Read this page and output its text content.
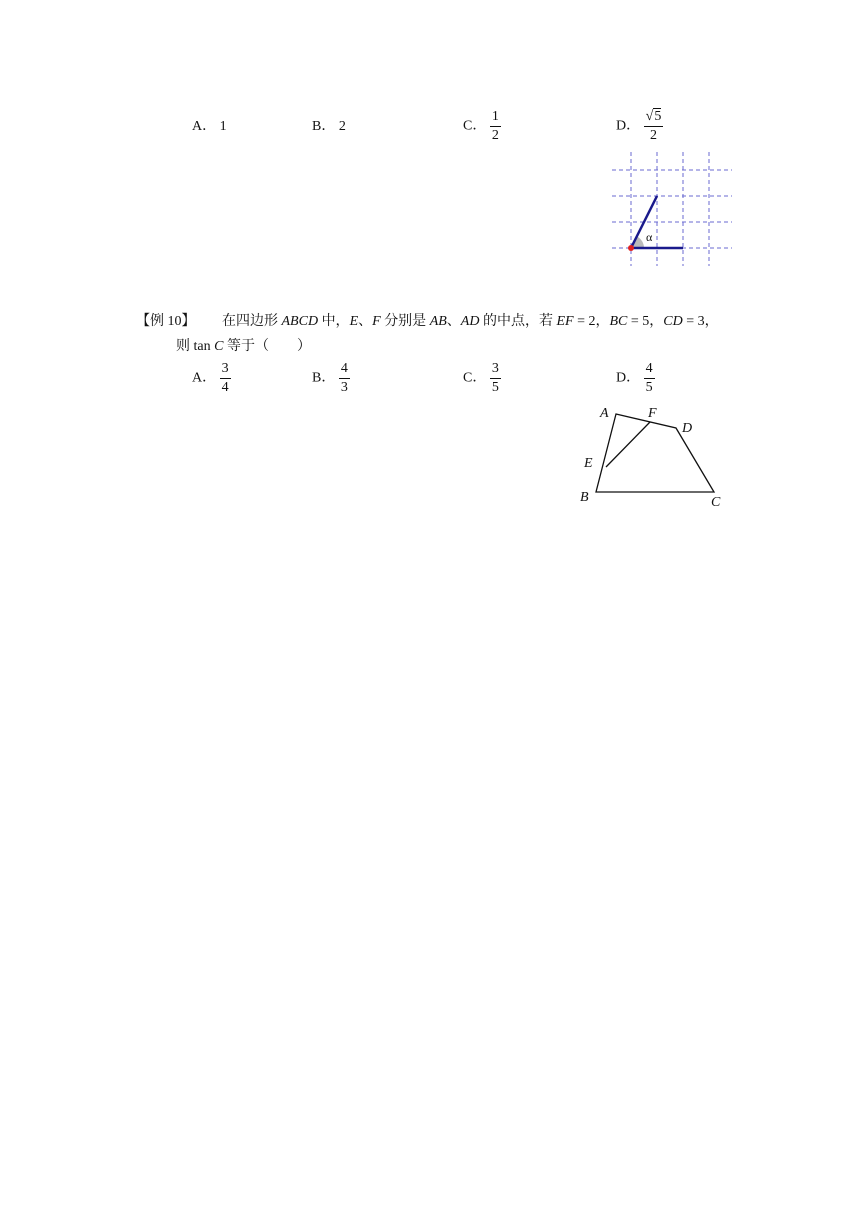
A． 1	B． 2	C． $\frac{1}{2}$	D． $\frac{√5}{2}$
α
【例 10】 在四边形 ABCD 中，E、F 分别是 AB、AD 的中点，若 EF = 2，BC = 5，CD = 3，
则 tan C 等于（　　）
A． $\frac{3}{4}$	B． $\frac{4}{3}$	C． $\frac{3}{5}$	D． $\frac{4}{5}$
A	F
D
E
B	C
